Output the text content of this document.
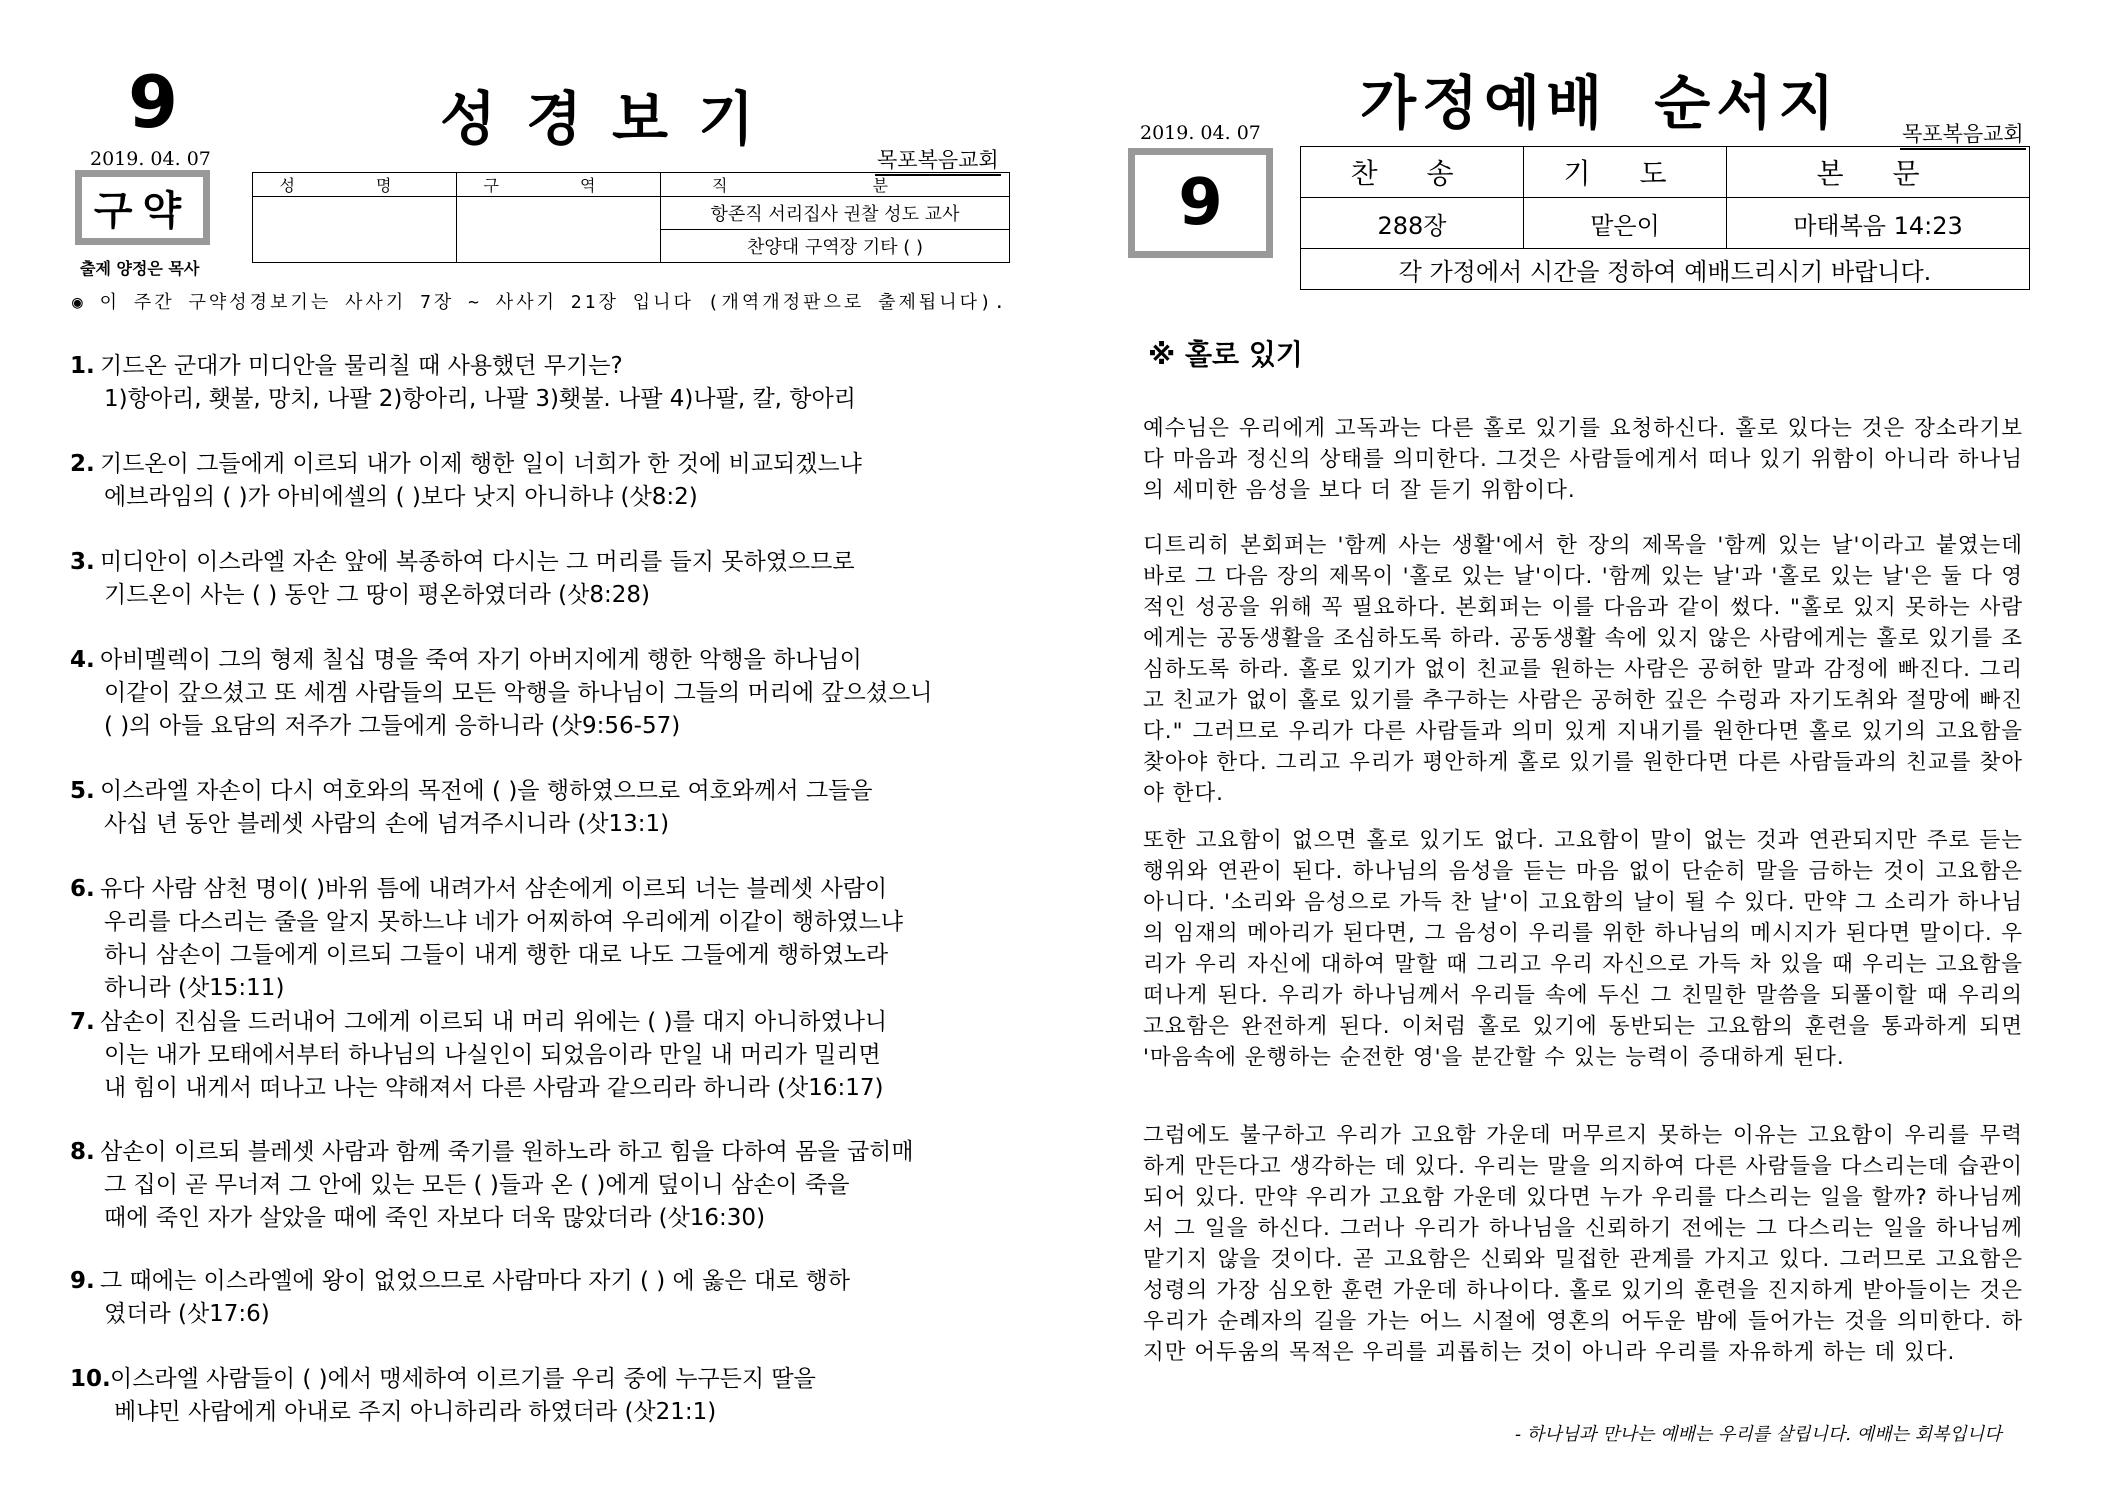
9	성경보기
2019. 04. 07	목포복음교회
구약
성 명	구 역	직 분
		항존직 서리집사 권찰 성도 교사
		찬양대 구역장 기타 ( )
출제 양정은 목사
◉ 이 주간 구약성경보기는 사사기 7장 ~ 사사기 21장 입니다 (개역개정판으로 출제됩니다).
1. 기드온 군대가 미디안을 물리칠 때 사용했던 무기는?
1)항아리, 횃불, 망치, 나팔 2)항아리, 나팔 3)횃불. 나팔 4)나팔, 칼, 항아리
2. 기드온이 그들에게 이르되 내가 이제 행한 일이 너희가 한 것에 비교되겠느냐
에브라임의 ( )가 아비에셀의 ( )보다 낫지 아니하냐 (삿8:2)
3. 미디안이 이스라엘 자손 앞에 복종하여 다시는 그 머리를 들지 못하였으므로
기드온이 사는 ( ) 동안 그 땅이 평온하였더라 (삿8:28)
4. 아비멜렉이 그의 형제 칠십 명을 죽여 자기 아버지에게 행한 악행을 하나님이
이같이 갚으셨고 또 세겜 사람들의 모든 악행을 하나님이 그들의 머리에 갚으셨으니
( )의 아들 요담의 저주가 그들에게 응하니라 (삿9:56-57)
5. 이스라엘 자손이 다시 여호와의 목전에 ( )을 행하였으므로 여호와께서 그들을
사십 년 동안 블레셋 사람의 손에 넘겨주시니라 (삿13:1)
6. 유다 사람 삼천 명이( )바위 틈에 내려가서 삼손에게 이르되 너는 블레셋 사람이
우리를 다스리는 줄을 알지 못하느냐 네가 어찌하여 우리에게 이같이 행하였느냐
하니 삼손이 그들에게 이르되 그들이 내게 행한 대로 나도 그들에게 행하였노라
하니라 (삿15:11)
7. 삼손이 진심을 드러내어 그에게 이르되 내 머리 위에는 ( )를 대지 아니하였나니
이는 내가 모태에서부터 하나님의 나실인이 되었음이라 만일 내 머리가 밀리면
내 힘이 내게서 떠나고 나는 약해져서 다른 사람과 같으리라 하니라 (삿16:17)
8. 삼손이 이르되 블레셋 사람과 함께 죽기를 원하노라 하고 힘을 다하여 몸을 굽히매
그 집이 곧 무너져 그 안에 있는 모든 ( )들과 온 ( )에게 덮이니 삼손이 죽을
때에 죽인 자가 살았을 때에 죽인 자보다 더욱 많았더라 (삿16:30)
9. 그 때에는 이스라엘에 왕이 없었으므로 사람마다 자기 ( ) 에 옳은 대로 행하
였더라 (삿17:6)
10.이스라엘 사람들이 ( )에서 맹세하여 이르기를 우리 중에 누구든지 딸을
베냐민 사람에게 아내로 주지 아니하리라 하였더라 (삿21:1)
가정예배 순서지
2019. 04. 07	목포복음교회
9	찬 송	기 도	본 문
288장	맡은이	마태복음 14:23
각 가정에서 시간을 정하여 예배드리시기 바랍니다.		
※ 홀로 있기
예수님은 우리에게 고독과는 다른 홀로 있기를 요청하신다. 홀로 있다는 것은 장소라기보다 마음과 정신의 상태를 의미한다. 그것은 사람들에게서 떠나 있기 위함이 아니라 하나님의 세미한 음성을 보다 더 잘 듣기 위함이다.
디트리히 본회퍼는 '함께 사는 생활'에서 한 장의 제목을 '함께 있는 날'이라고 붙였는데 바로 그 다음 장의 제목이 '홀로 있는 날'이다. '함께 있는 날'과 '홀로 있는 날'은 둘 다 영적인 성공을 위해 꼭 필요하다. 본회퍼는 이를 다음과 같이 썼다. "홀로 있지 못하는 사람에게는 공동생활을 조심하도록 하라. 공동생활 속에 있지 않은 사람에게는 홀로 있기를 조심하도록 하라. 홀로 있기가 없이 친교를 원하는 사람은 공허한 말과 감정에 빠진다. 그리고 친교가 없이 홀로 있기를 추구하는 사람은 공허한 깊은 수렁과 자기도취와 절망에 빠진다." 그러므로 우리가 다른 사람들과 의미 있게 지내기를 원한다면 홀로 있기의 고요함을 찾아야 한다. 그리고 우리가 평안하게 홀로 있기를 원한다면 다른 사람들과의 친교를 찾아야 한다.
또한 고요함이 없으면 홀로 있기도 없다. 고요함이 말이 없는 것과 연관되지만 주로 듣는 행위와 연관이 된다. 하나님의 음성을 듣는 마음 없이 단순히 말을 금하는 것이 고요함은 아니다. '소리와 음성으로 가득 찬 날'이 고요함의 날이 될 수 있다. 만약 그 소리가 하나님의 임재의 메아리가 된다면, 그 음성이 우리를 위한 하나님의 메시지가 된다면 말이다. 우리가 우리 자신에 대하여 말할 때 그리고 우리 자신으로 가득 차 있을 때 우리는 고요함을 떠나게 된다. 우리가 하나님께서 우리들 속에 두신 그 친밀한 말씀을 되풀이할 때 우리의 고요함은 완전하게 된다. 이처럼 홀로 있기에 동반되는 고요함의 훈련을 통과하게 되면 '마음속에 운행하는 순전한 영'을 분간할 수 있는 능력이 증대하게 된다.
그럼에도 불구하고 우리가 고요함 가운데 머무르지 못하는 이유는 고요함이 우리를 무력하게 만든다고 생각하는 데 있다. 우리는 말을 의지하여 다른 사람들을 다스리는데 습관이 되어 있다. 만약 우리가 고요함 가운데 있다면 누가 우리를 다스리는 일을 할까? 하나님께서 그 일을 하신다. 그러나 우리가 하나님을 신뢰하기 전에는 그 다스리는 일을 하나님께 맡기지 않을 것이다. 곧 고요함은 신뢰와 밀접한 관계를 가지고 있다. 그러므로 고요함은 성령의 가장 심오한 훈련 가운데 하나이다. 홀로 있기의 훈련을 진지하게 받아들이는 것은 우리가 순례자의 길을 가는 어느 시절에 영혼의 어두운 밤에 들어가는 것을 의미한다. 하지만 어두움의 목적은 우리를 괴롭히는 것이 아니라 우리를 자유하게 하는 데 있다.
- 하나님과 만나는 예배는 우리를 살립니다. 예배는 회복입니다
